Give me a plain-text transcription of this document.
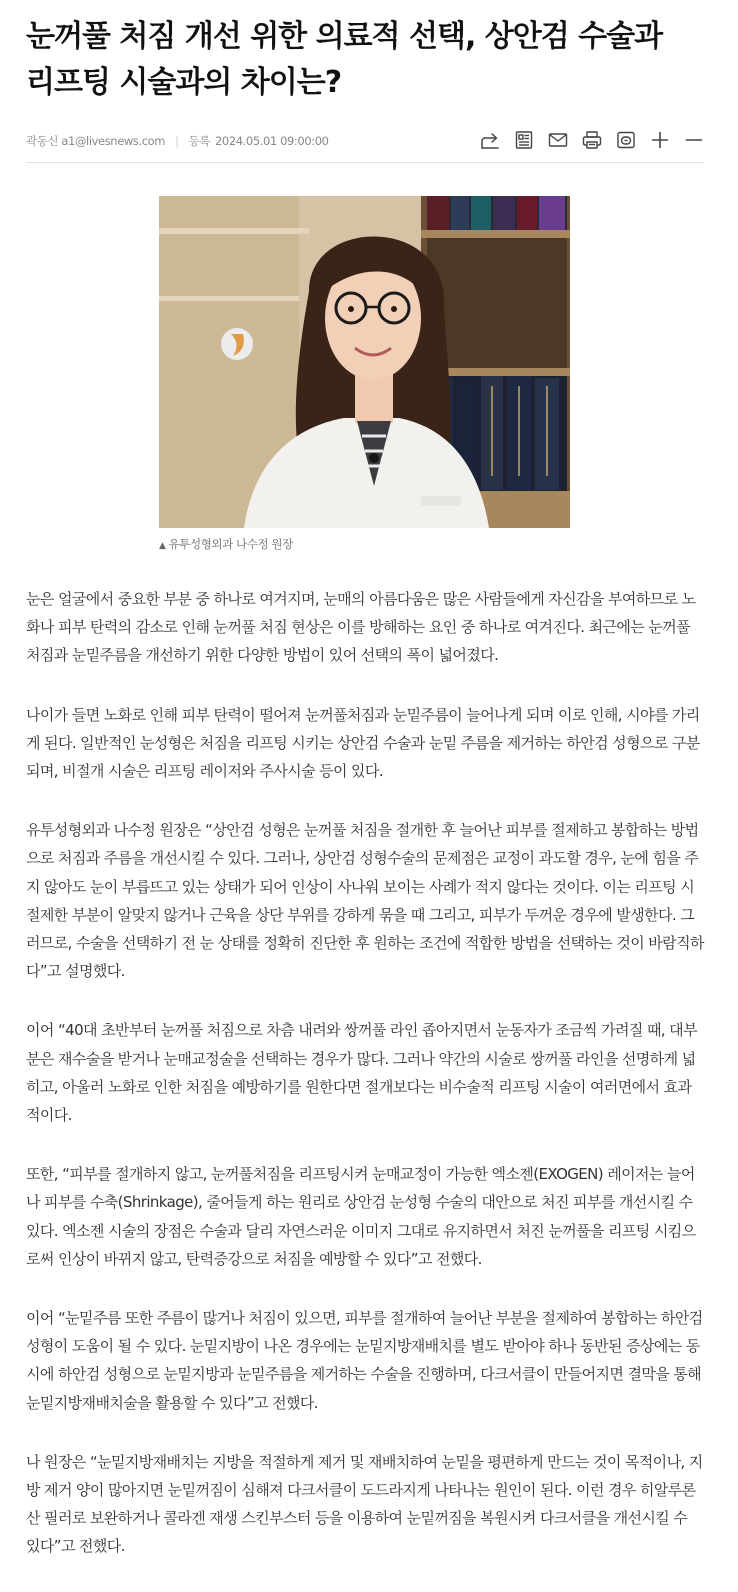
눈꺼풀 처짐 개선 위한 의료적 선택, 상안검 수술과
리프팅 시술과의 차이는?
곽동신 a1@livesnews.com | 등록 2024.05.01 09:00:00
▲ 유투성형외과 나수정 원장

눈은 얼굴에서 중요한 부분 중 하나로 여겨지며, 눈매의 아름다움은 많은 사람들에게 자신감을 부여하므로 노화나 피부 탄력의 감소로 인해 눈꺼풀 처짐 현상은 이를 방해하는 요인 중 하나로 여겨진다. 최근에는 눈꺼풀 처짐과 눈밑주름을 개선하기 위한 다양한 방법이 있어 선택의 폭이 넓어졌다.

나이가 들면 노화로 인해 피부 탄력이 떨어져 눈꺼풀처짐과 눈밑주름이 늘어나게 되며 이로 인해, 시야를 가리게 된다. 일반적인 눈성형은 처짐을 리프팅 시키는 상안검 수술과 눈밑 주름을 제거하는 하안검 성형으로 구분되며, 비절개 시술은 리프팅 레이저와 주사시술 등이 있다.

유투성형외과 나수정 원장은 “상안검 성형은 눈꺼풀 처짐을 절개한 후 늘어난 피부를 절제하고 봉합하는 방법으로 처짐과 주름을 개선시킬 수 있다. 그러나, 상안검 성형수술의 문제점은 교정이 과도할 경우, 눈에 힘을 주지 않아도 눈이 부릅뜨고 있는 상태가 되어 인상이 사나워 보이는 사례가 적지 않다는 것이다. 이는 리프팅 시 절제한 부분이 알맞지 않거나 근육을 상단 부위를 강하게 묶을 때 그리고, 피부가 두꺼운 경우에 발생한다. 그러므로, 수술을 선택하기 전 눈 상태를 정확히 진단한 후 원하는 조건에 적합한 방법을 선택하는 것이 바람직하다”고 설명했다.

이어 “40대 초반부터 눈꺼풀 처짐으로 차츰 내려와 쌍꺼풀 라인 좁아지면서 눈동자가 조금씩 가려질 때, 대부분은 재수술을 받거나 눈매교정술을 선택하는 경우가 많다. 그러나 약간의 시술로 쌍꺼풀 라인을 선명하게 넓히고, 아울러 노화로 인한 처짐을 예방하기를 원한다면 절개보다는 비수술적 리프팅 시술이 여러면에서 효과적이다.

또한, “피부를 절개하지 않고, 눈꺼풀처짐을 리프팅시켜 눈매교정이 가능한 엑소젠(EXOGEN) 레이저는 늘어나 피부를 수축(Shrinkage), 줄어들게 하는 원리로 상안검 눈성형 수술의 대안으로 처진 피부를 개선시킬 수 있다. 엑소젠 시술의 장점은 수술과 달리 자연스러운 이미지 그대로 유지하면서 처진 눈꺼풀을 리프팅 시킴으로써 인상이 바뀌지 않고, 탄력증강으로 처짐을 예방할 수 있다”고 전했다.

이어 “눈밑주름 또한 주름이 많거나 처짐이 있으면, 피부를 절개하여 늘어난 부분을 절제하여 봉합하는 하안검 성형이 도움이 될 수 있다. 눈밑지방이 나온 경우에는 눈밑지방재배치를 별도 받아야 하나 동반된 증상에는 동시에 하안검 성형으로 눈밑지방과 눈밑주름을 제거하는 수술을 진행하며, 다크서클이 만들어지면 결막을 통해 눈밑지방재배치술을 활용할 수 있다”고 전했다.

나 원장은 “눈밑지방재배치는 지방을 적절하게 제거 및 재배치하여 눈밑을 평편하게 만드는 것이 목적이나, 지방 제거 양이 많아지면 눈밑꺼짐이 심해져 다크서클이 도드라지게 나타나는 원인이 된다. 이런 경우 히알루론산 필러로 보완하거나 콜라겐 재생 스킨부스터 등을 이용하여 눈밑꺼짐을 복원시켜 다크서클을 개선시킬 수 있다”고 전했다.
